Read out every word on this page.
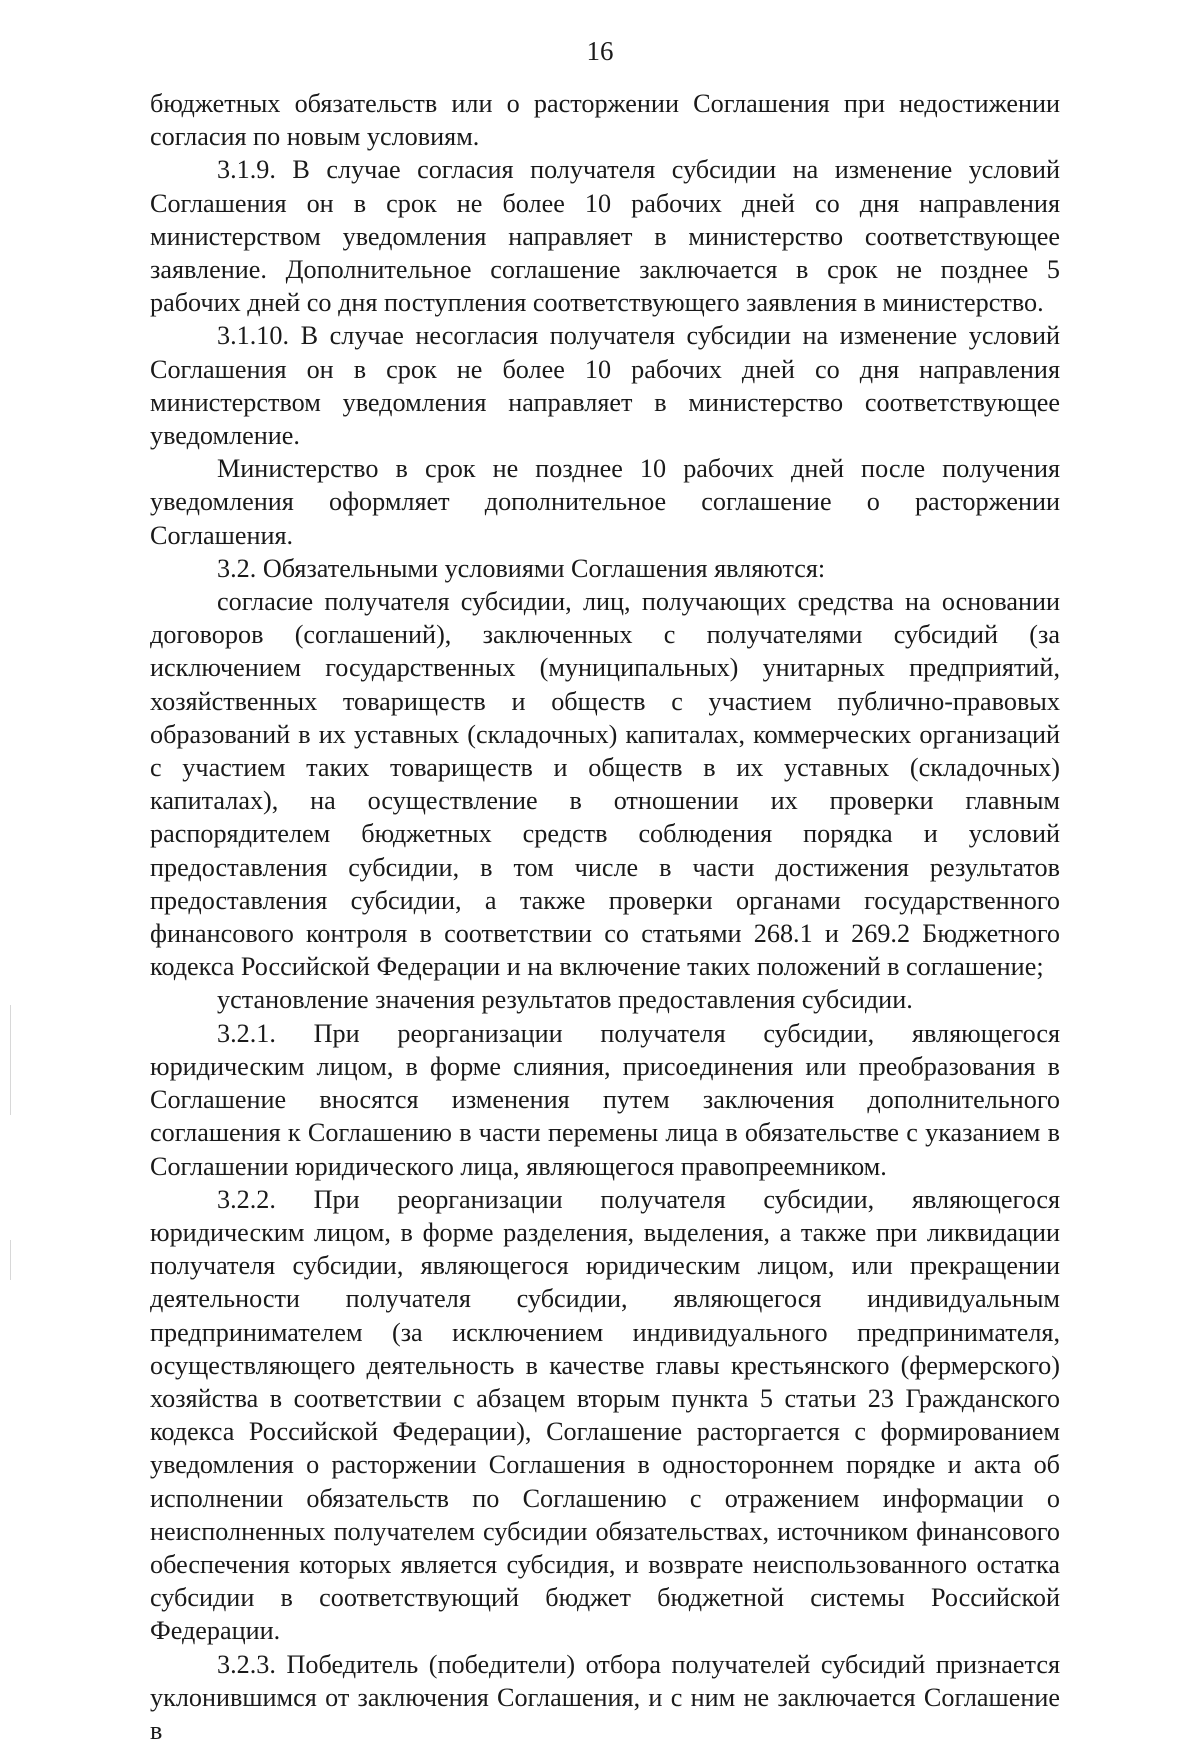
16

бюджетных обязательств или о расторжении Соглашения при недостижении согласия по новым условиям.

3.1.9. В случае согласия получателя субсидии на изменение условий Соглашения он в срок не более 10 рабочих дней со дня направления министерством уведомления направляет в министерство соответствующее заявление. Дополнительное соглашение заключается в срок не позднее 5 рабочих дней со дня поступления соответствующего заявления в министерство.

3.1.10. В случае несогласия получателя субсидии на изменение условий Соглашения он в срок не более 10 рабочих дней со дня направления министерством уведомления направляет в министерство соответствующее уведомление.

Министерство в срок не позднее 10 рабочих дней после получения уведомления оформляет дополнительное соглашение о расторжении Соглашения.

3.2. Обязательными условиями Соглашения являются:

согласие получателя субсидии, лиц, получающих средства на основании договоров (соглашений), заключенных с получателями субсидий (за исключением государственных (муниципальных) унитарных предприятий, хозяйственных товариществ и обществ с участием публично-правовых образований в их уставных (складочных) капиталах, коммерческих организаций с участием таких товариществ и обществ в их уставных (складочных) капиталах), на осуществление в отношении их проверки главным распорядителем бюджетных средств соблюдения порядка и условий предоставления субсидии, в том числе в части достижения результатов предоставления субсидии, а также проверки органами государственного финансового контроля в соответствии со статьями 268.1 и 269.2 Бюджетного кодекса Российской Федерации и на включение таких положений в соглашение;

установление значения результатов предоставления субсидии.

3.2.1. При реорганизации получателя субсидии, являющегося юридическим лицом, в форме слияния, присоединения или преобразования в Соглашение вносятся изменения путем заключения дополнительного соглашения к Соглашению в части перемены лица в обязательстве с указанием в Соглашении юридического лица, являющегося правопреемником.

3.2.2. При реорганизации получателя субсидии, являющегося юридическим лицом, в форме разделения, выделения, а также при ликвидации получателя субсидии, являющегося юридическим лицом, или прекращении деятельности получателя субсидии, являющегося индивидуальным предпринимателем (за исключением индивидуального предпринимателя, осуществляющего деятельность в качестве главы крестьянского (фермерского) хозяйства в соответствии с абзацем вторым пункта 5 статьи 23 Гражданского кодекса Российской Федерации), Соглашение расторгается с формированием уведомления о расторжении Соглашения в одностороннем порядке и акта об исполнении обязательств по Соглашению с отражением информации о неисполненных получателем субсидии обязательствах, источником финансового обеспечения которых является субсидия, и возврате неиспользованного остатка субсидии в соответствующий бюджет бюджетной системы Российской Федерации.

3.2.3. Победитель (победители) отбора получателей субсидий признается уклонившимся от заключения Соглашения, и с ним не заключается Соглашение в
